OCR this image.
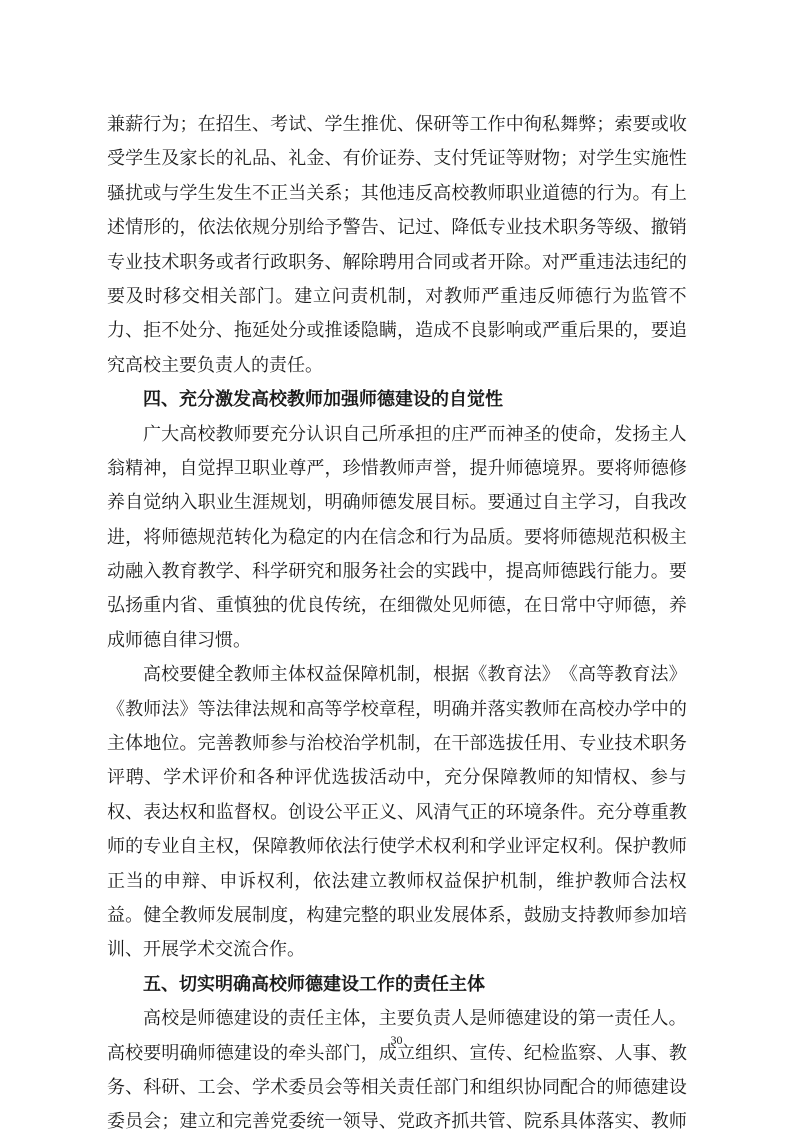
兼 薪 行 为 ； 在 招 生 、 考 试 、 学 生 推 优 、 保 研 等 工 作 中 徇 私 舞 弊 ； 索 要 或 收
受 学 生 及 家 长 的 礼 品 、 礼 金 、 有 价 证 券 、 支 付 凭 证 等 财 物 ； 对 学 生 实 施 性
骚 扰 或 与 学 生 发 生 不 正 当 关 系 ； 其 他 违 反 高 校 教 师 职 业 道 德 的 行 为 。 有 上
述 情 形 的 ， 依 法 依 规 分 别 给 予 警 告 、 记 过 、 降 低 专 业 技 术 职 务 等 级 、 撤 销
专 业 技 术 职 务 或 者 行 政 职 务 、 解 除 聘 用 合 同 或 者 开 除 。 对 严 重 违 法 违 纪 的
要 及 时 移 交 相 关 部 门 。 建 立 问 责 机 制 ， 对 教 师 严 重 违 反 师 德 行 为 监 管 不
力 、 拒 不 处 分 、 拖 延 处 分 或 推 诿 隐 瞒 ， 造 成 不 良 影 响 或 严 重 后 果 的 ， 要 追
究高校主要负责人的责任。
四、充分激发高校教师加强师德建设的自觉性
广 大 高 校 教 师 要 充 分 认 识 自 己 所 承 担 的 庄 严 而 神 圣 的 使 命 ， 发 扬 主 人
翁 精 神 ， 自 觉 捍 卫 职 业 尊 严 ， 珍 惜 教 师 声 誉 ， 提 升 师 德 境 界 。 要 将 师 德 修
养 自 觉 纳 入 职 业 生 涯 规 划 ， 明 确 师 德 发 展 目 标 。 要 通 过 自 主 学 习 ， 自 我 改
进 ， 将 师 德 规 范 转 化 为 稳 定 的 内 在 信 念 和 行 为 品 质 。 要 将 师 德 规 范 积 极 主
动 融 入 教 育 教 学 、 科 学 研 究 和 服 务 社 会 的 实 践 中 ， 提 高 师 德 践 行 能 力 。 要
弘 扬 重 内 省 、 重 慎 独 的 优 良 传 统 ， 在 细 微 处 见 师 德 ， 在 日 常 中 守 师 德 ， 养
成师德自律习惯。
高 校 要 健 全 教 师 主 体 权 益 保 障 机 制 ， 根 据 《 教 育 法 》 《 高 等 教 育 法 》
《 教 师 法 》 等 法 律 法 规 和 高 等 学 校 章 程 ， 明 确 并 落 实 教 师 在 高 校 办 学 中 的
主 体 地 位 。 完 善 教 师 参 与 治 校 治 学 机 制 ， 在 干 部 选 拔 任 用 、 专 业 技 术 职 务
评 聘 、 学 术 评 价 和 各 种 评 优 选 拔 活 动 中 ， 充 分 保 障 教 师 的 知 情 权 、 参 与
权 、 表 达 权 和 监 督 权 。 创 设 公 平 正 义 、 风 清 气 正 的 环 境 条 件 。 充 分 尊 重 教
师 的 专 业 自 主 权 ， 保 障 教 师 依 法 行 使 学 术 权 利 和 学 业 评 定 权 利 。 保 护 教 师
正 当 的 申 辩 、 申 诉 权 利 ， 依 法 建 立 教 师 权 益 保 护 机 制 ， 维 护 教 师 合 法 权
益 。 健 全 教 师 发 展 制 度 ， 构 建 完 整 的 职 业 发 展 体 系 ， 鼓 励 支 持 教 师 参 加 培
训、开展学术交流合作。
五、切实明确高校师德建设工作的责任主体
高 校 是 师 德 建 设 的 责 任 主 体 ， 主 要 负 责 人 是 师 德 建 设 的 第 一 责 任 人 。
高 校 要 明 确 师 德 建 设 的 牵 头 部 门 ， 成 立 组 织 、 宣 传 、 纪 检 监 察 、 人 事 、 教
务 、 科 研 、 工 会 、 学 术 委 员 会 等 相 关 责 任 部 门 和 组 织 协 同 配 合 的 师 德 建 设
委 员 会 ； 建 立 和 完 善 党 委 统 一 领 导 、 党 政 齐 抓 共 管 、 院 系 具 体 落 实 、 教 师
30
